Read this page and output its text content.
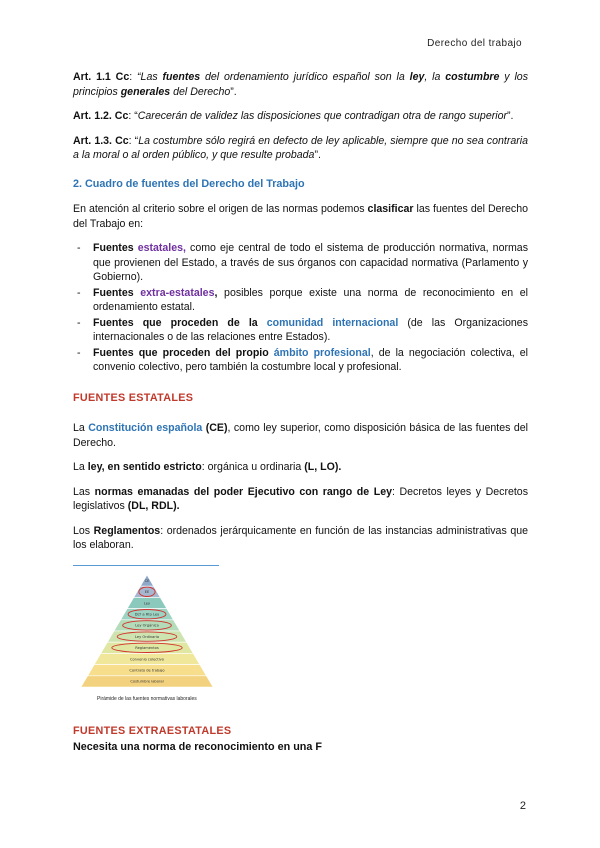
Derecho del trabajo

Art. 1.1 Cc: “Las fuentes del ordenamiento jurídico español son la ley, la costumbre y los principios generales del Derecho”.

Art. 1.2. Cc: “Carecerán de validez las disposiciones que contradigan otra de rango superior”.

Art. 1.3. Cc: “La costumbre sólo regirá en defecto de ley aplicable, siempre que no sea contraria a la moral o al orden público, y que resulte probada”.

2. Cuadro de fuentes del Derecho del Trabajo

En atención al criterio sobre el origen de las normas podemos clasificar las fuentes del Derecho del Trabajo en:

- Fuentes estatales, como eje central de todo el sistema de producción normativa, normas que provienen del Estado, a través de sus órganos con capacidad normativa (Parlamento y Gobierno).
- Fuentes extra-estatales, posibles porque existe una norma de reconocimiento en el ordenamiento estatal.
- Fuentes que proceden de la comunidad internacional (de las Organizaciones internacionales o de las relaciones entre Estados).
- Fuentes que proceden del propio ámbito profesional, de la negociación colectiva, el convenio colectivo, pero también la costumbre local y profesional.
FUENTES ESTATALES

La Constitución española (CE), como ley superior, como disposición básica de las fuentes del Derecho.

La ley, en sentido estricto: orgánica u ordinaria (L, LO).

Las normas emanadas del poder Ejecutivo con rango de Ley: Decretos leyes y Decretos legislativos (DL, RDL).

Los Reglamentos: ordenados jerárquicamente en función de las instancias administrativas que los elaboran.

CE
EE
Ley
DLT a Rto Ley
Ley Orgánica
Ley Ordinaria
Reglamentos
Convenio colectivo
Contrato de trabajo
Costumbre laboral
Pirámide de las fuentes normativas laborales
FUENTES EXTRAESTATALES

Necesita una norma de reconocimiento en una F

2
